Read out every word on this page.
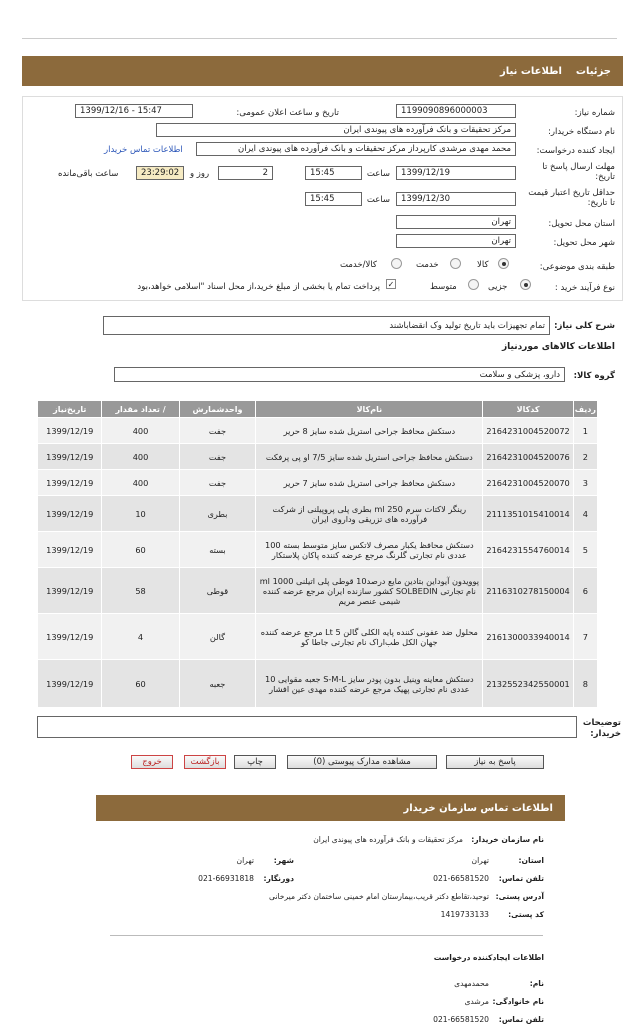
جزئیات
اطلاعات نیاز
شماره نیاز:
1199090896000003
تاریخ و ساعت اعلان عمومی:
1399/12/16 - 15:47
نام دستگاه خریدار:
مرکز تحقیقات و بانک فرآورده های پیوندی ایران
ایجاد کننده درخواست:
محمد مهدی مرشدی کارپرداز مرکز تحقیقات و بانک فرآورده های پیوندی ایران
اطلاعات تماس خریدار
مهلت ارسال پاسخ تا تاریخ:
1399/12/19
ساعت
15:45
2
روز و
23:29:02
ساعت باقی‌مانده
حداقل تاریخ اعتبار قیمت تا تاریخ:
1399/12/30
ساعت
15:45
استان محل تحویل:
تهران
شهر محل تحویل:
تهران
طبقه بندی موضوعی:
کالا
خدمت
کالا/خدمت
نوع فرآیند خرید :
جزیی
متوسط
✓
پرداخت تمام یا بخشی از مبلغ خرید،از محل اسناد "اسلامی خواهد،بود
شرح کلی نیاز:
تمام تجهیزات باید تاریخ تولید وک انقضاباشند
اطلاعات کالاهای موردنیاز
گروه کالا:
دارو، پزشکی و سلامت
ردیف	کدکالا	نام‌کالا	واحدشمارش	/ تعداد مقدار	تاریخ‌نیاز
1	2164231004520072	دستکش محافظ جراحی استریل شده سایز 8 حریر	جفت	400	1399/12/19
2	2164231004520076	دستکش محافظ جراحی استریل شده سایز 7/5 او پی پرفکت	جفت	400	1399/12/19
3	2164231004520070	دستکش محافظ جراحی استریل شده سایز 7 حریر	جفت	400	1399/12/19
4	2111351015410014	رینگر لاکتات سرم 250 ml بطری پلی پروپیلنی از شرکت فرآورده های تزریقی وداروی ایران	بطری	10	1399/12/19
5	2164231554760014	دستکش محافظ یکبار مصرف لاتکس سایز متوسط بسته 100 عددی نام تجارتی گلرنگ مرجع عرضه کننده پاکان پلاستکار	بسته	60	1399/12/19
6	2116310278150004	پوویدون آیوداین بتادین مایع درصد10 قوطی پلی اتیلنی 1000 ml نام تجارتی SOLBEDIN کشور سازنده ایران مرجع عرضه کننده شیمی عنصر مریم	قوطی	58	1399/12/19
7	2161300033940014	محلول ضد عفونی کننده پایه الکلی گالن 5 Lt مرجع عرضه کننده جهان الکل طب‌اراک نام تجارتی جاطا کو	گالن	4	1399/12/19
8	2132552342550001	دستکش معاینه وینیل بدون پودر سایز S-M-L جعبه مقوایی 10 عددی نام تجارتی پهیک مرجع عرضه کننده مهدی عین افشار	جعبه	60	1399/12/19
توضیحات خریدار:
پاسخ به نیاز
مشاهده مدارک پیوستی (0)
چاپ
بازگشت
خروج
اطلاعات تماس سازمان خریدار
نام سازمان خریدار:
مرکز تحقیقات و بانک فرآورده های پیوندی ایران
استان:
تهران
شهر:
تهران
تلفن تماس:
021-66581520
دورنگار:
021-66931818
آدرس پستی:
توحید،تقاطع دکتر قریب،بیمارستان امام خمینی ساختمان دکتر میر‌خانی
کد پستی:
1419733133
اطلاعات ایجادکننده درخواست
نام:
محمدمهدی
نام خانوادگی:
مرشدی
تلفن تماس:
021-66581520
